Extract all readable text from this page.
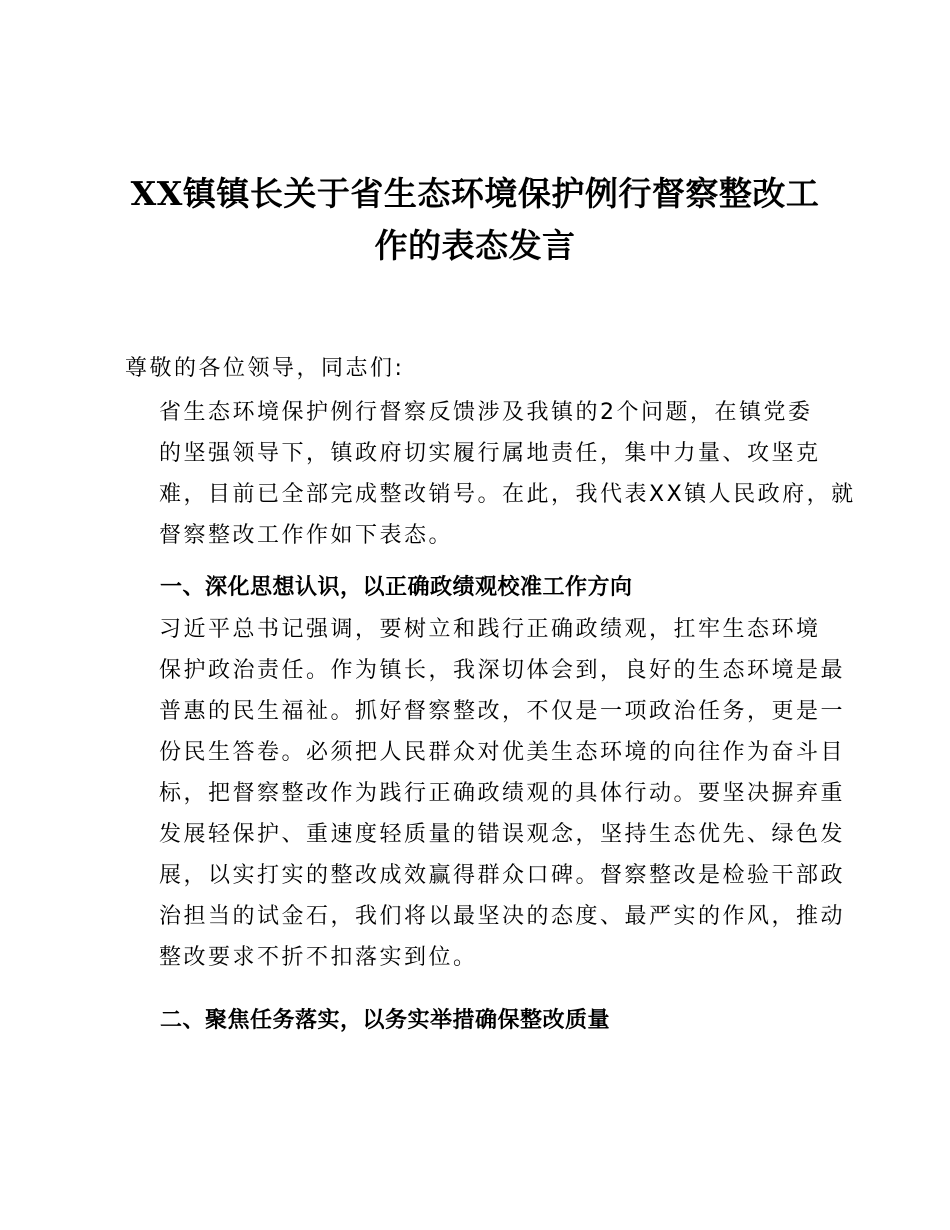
XX镇镇长关于省生态环境保护例行督察整改工
作的表态发言
尊敬的各位领导，同志们:
省生态环境保护例行督察反馈涉及我镇的2个问题，在镇党委
的坚强领导下，镇政府切实履行属地责任，集中力量、攻坚克
难，目前已全部完成整改销号。在此，我代表XX镇人民政府，就
督察整改工作作如下表态。
一、深化思想认识，以正确政绩观校准工作方向
习近平总书记强调，要树立和践行正确政绩观，扛牢生态环境
保护政治责任。作为镇长，我深切体会到，良好的生态环境是最
普惠的民生福祉。抓好督察整改，不仅是一项政治任务，更是一
份民生答卷。必须把人民群众对优美生态环境的向往作为奋斗目
标，把督察整改作为践行正确政绩观的具体行动。要坚决摒弃重
发展轻保护、重速度轻质量的错误观念，坚持生态优先、绿色发
展，以实打实的整改成效赢得群众口碑。督察整改是检验干部政
治担当的试金石，我们将以最坚决的态度、最严实的作风，推动
整改要求不折不扣落实到位。
二、聚焦任务落实，以务实举措确保整改质量
